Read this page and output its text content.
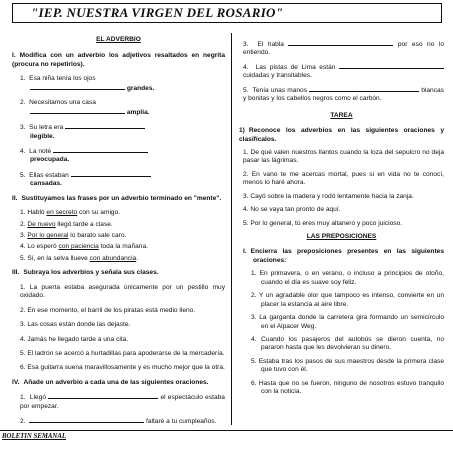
"IEP. NUESTRA VIRGEN DEL ROSARIO"
EL ADVERBIO
I. Modifica con un adverbio los adjetivos resaltados en negrita (procura no repetirlos).
1. Esa niña tenía los ojos
grandes.
2. Necesitamos una casa
amplia.
3. Su letra era
ilegible.
4. La noté
preocupada.
5. Ellas estaban
cansadas.
II. Sustituyamos las frases por un adverbio terminado en "mente".
1. Habló en secreto con su amigo.
2. De nuevo llegó tarde a clase.
3. Por lo general lo barato sale caro.
4. Lo esperó con paciencia toda la mañana.
5. Sí, en la selva llueve con abundancia.
III. Subraya los adverbios y señala sus clases.
1. La puerta estaba asegurada únicamente por un pestillo muy oxidado.
2. En ese momento, el barril de los piratas está medio lleno.
3. Las cosas están donde las dejaste.
4. Jamás he llegado tarde a una cita.
5. El ladrón se acercó a hurtadillas para apoderarse de la mercadería.
6. Esa guitarra suena maravillosamente y es mucho mejor que la otra.
IV. Añade un adverbio a cada una de las siguientes oraciones.
1. Llegó	el espectáculo estaba por empezar.
2.	faltaré a tu cumpleaños.
3. El habla	por eso no lo entiendo.
4. Las pistas de Lima están  cuidadas y transitables.
5. Tenía unas manos	blancas y bonitas y los cabellos negros como el carbón.
TAREA
1) Reconoce los adverbios en las siguientes oraciones y clasifícalos.
1. De qué valen nuestros llantos cuando la loza del sepulcro no deja pasar las lágrimas.
2. En vano te me acercas mortal, pues si en vida no te conocí, menos lo haré ahora.
3. Cayó sobre la madera y rodó lentamente hacia la zanja.
4. No se vaya tan pronto de aquí.
5. Por lo general, tú eres muy altanero y poco juicioso.
LAS PREPOSICIONES
I. Encierra las preposiciones presentes en las siguientes oraciones:
1. En primavera, o en verano, o incluso a principios de otoño, cuando el día es suave soy feliz.
2. Y un agradable olor que tampoco es intenso, convierte en un placer la estancia al aire libre.
3. La garganta donde la carretera gira formando un semicírculo en el Alpacer Weg.
4. Cuando los pasajeros del autobús se dieron cuenta, no pararon hasta que les devolvieran su dinero.
5. Estaba tras los pasos de sus maestros desde la primera clase que tuvo con él.
6. Hasta que no se fueron, ninguno de nosotros estuvo tranquilo con la noticia.
BOLETIN SEMANAL
